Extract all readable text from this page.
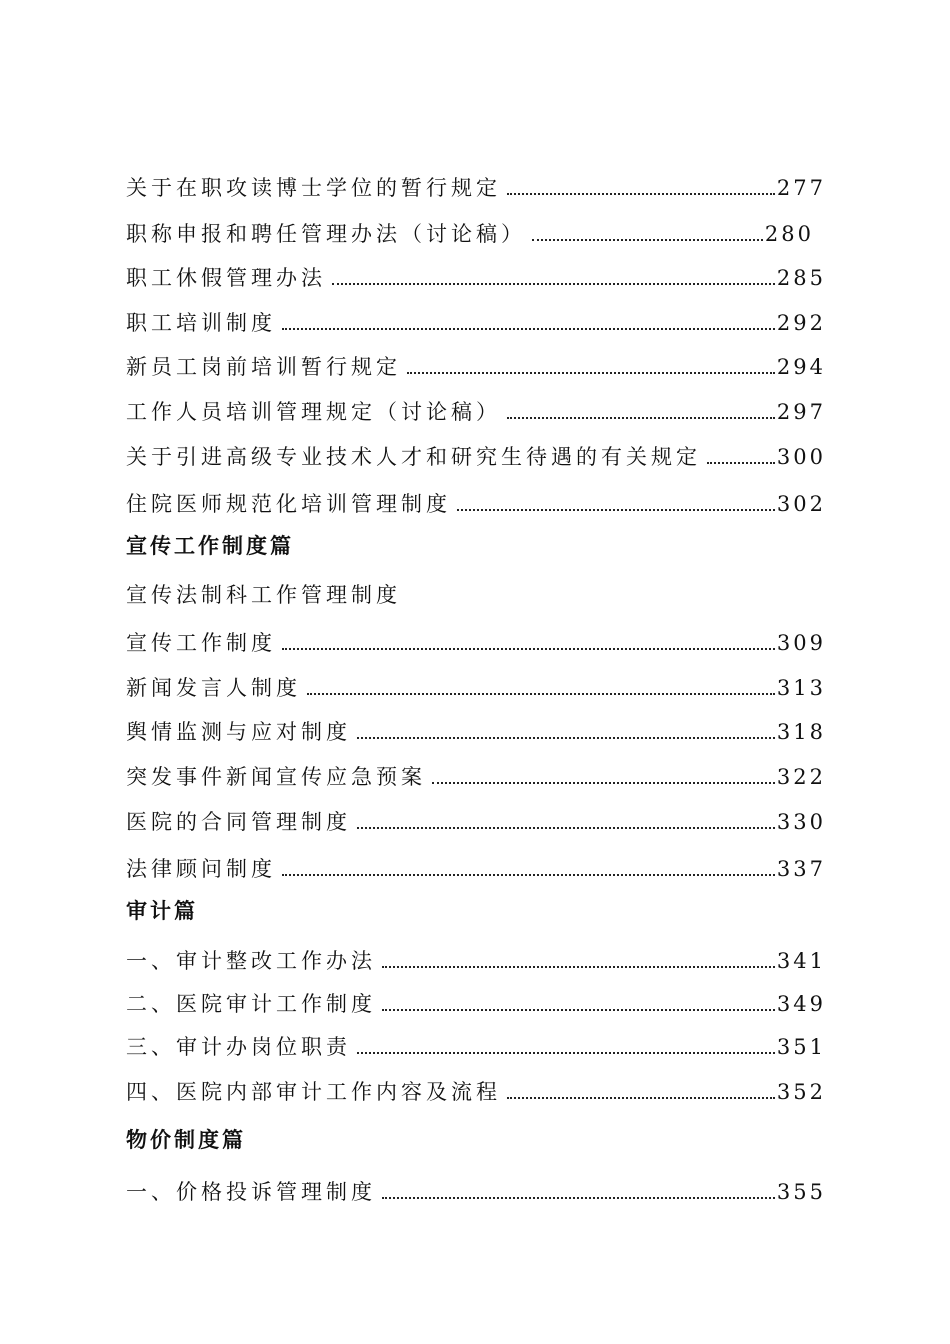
关于在职攻读博士学位的暂行规定	277
职称申报和聘任管理办法（讨论稿）	280
职工休假管理办法	285
职工培训制度	292
新员工岗前培训暂行规定	294
工作人员培训管理规定（讨论稿）	297
关于引进高级专业技术人才和研究生待遇的有关规定	300
住院医师规范化培训管理制度	302
宣传工作制度篇
宣传法制科工作管理制度
宣传工作制度	309
新闻发言人制度	313
舆情监测与应对制度	318
突发事件新闻宣传应急预案	322
医院的合同管理制度	330
法律顾问制度	337
审计篇
一、审计整改工作办法	341
二、医院审计工作制度	349
三、审计办岗位职责	351
四、医院内部审计工作内容及流程	352
物价制度篇
一、价格投诉管理制度	355
